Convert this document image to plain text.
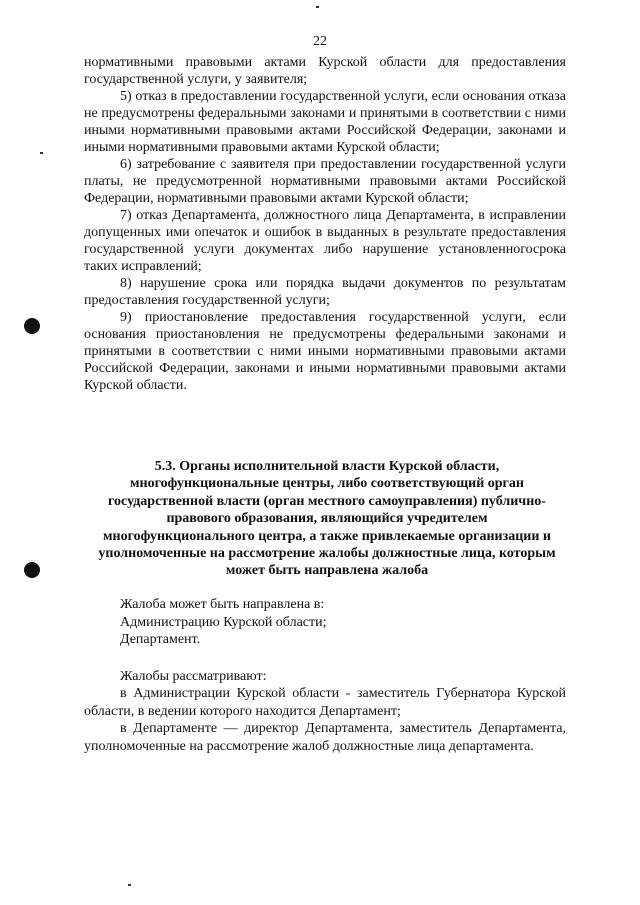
22

нормативными правовыми актами Курской области для предоставления государственной услуги, у заявителя;

5) отказ в предоставлении государственной услуги, если основания отказа не предусмотрены федеральными законами и принятыми в соответствии с ними иными нормативными правовыми актами Российской Федерации, законами и иными нормативными правовыми актами Курской области;

6) затребование с заявителя при предоставлении государственной услуги платы, не предусмотренной нормативными правовыми актами Российской Федерации, нормативными правовыми актами Курской области;

7) отказ Департамента, должностного лица Департамента, в исправлении допущенных ими опечаток и ошибок в выданных в результате предоставления государственной услуги документах либо нарушение установленногосрока таких исправлений;

8) нарушение срока или порядка выдачи документов по результатам предоставления государственной услуги;

9) приостановление предоставления государственной услуги, если основания приостановления не предусмотрены федеральными законами и принятыми в соответствии с ними иными нормативными правовыми актами Российской Федерации, законами и иными нормативными правовыми актами Курской области.

5.3. Органы исполнительной власти Курской области, многофункциональные центры, либо соответствующий орган государственной власти (орган местного самоуправления) публично-правового образования, являющийся учредителем многофункционального центра, а также привлекаемые организации и уполномоченные на рассмотрение жалобы должностные лица, которым может быть направлена жалоба

Жалоба может быть направлена в:

Администрацию Курской области;

Департамент.

Жалобы рассматривают:

в Администрации Курской области - заместитель Губернатора Курской области, в ведении которого находится Департамент;

в Департаменте — директор Департамента, заместитель Департамента, уполномоченные на рассмотрение жалоб должностные лица департамента.
